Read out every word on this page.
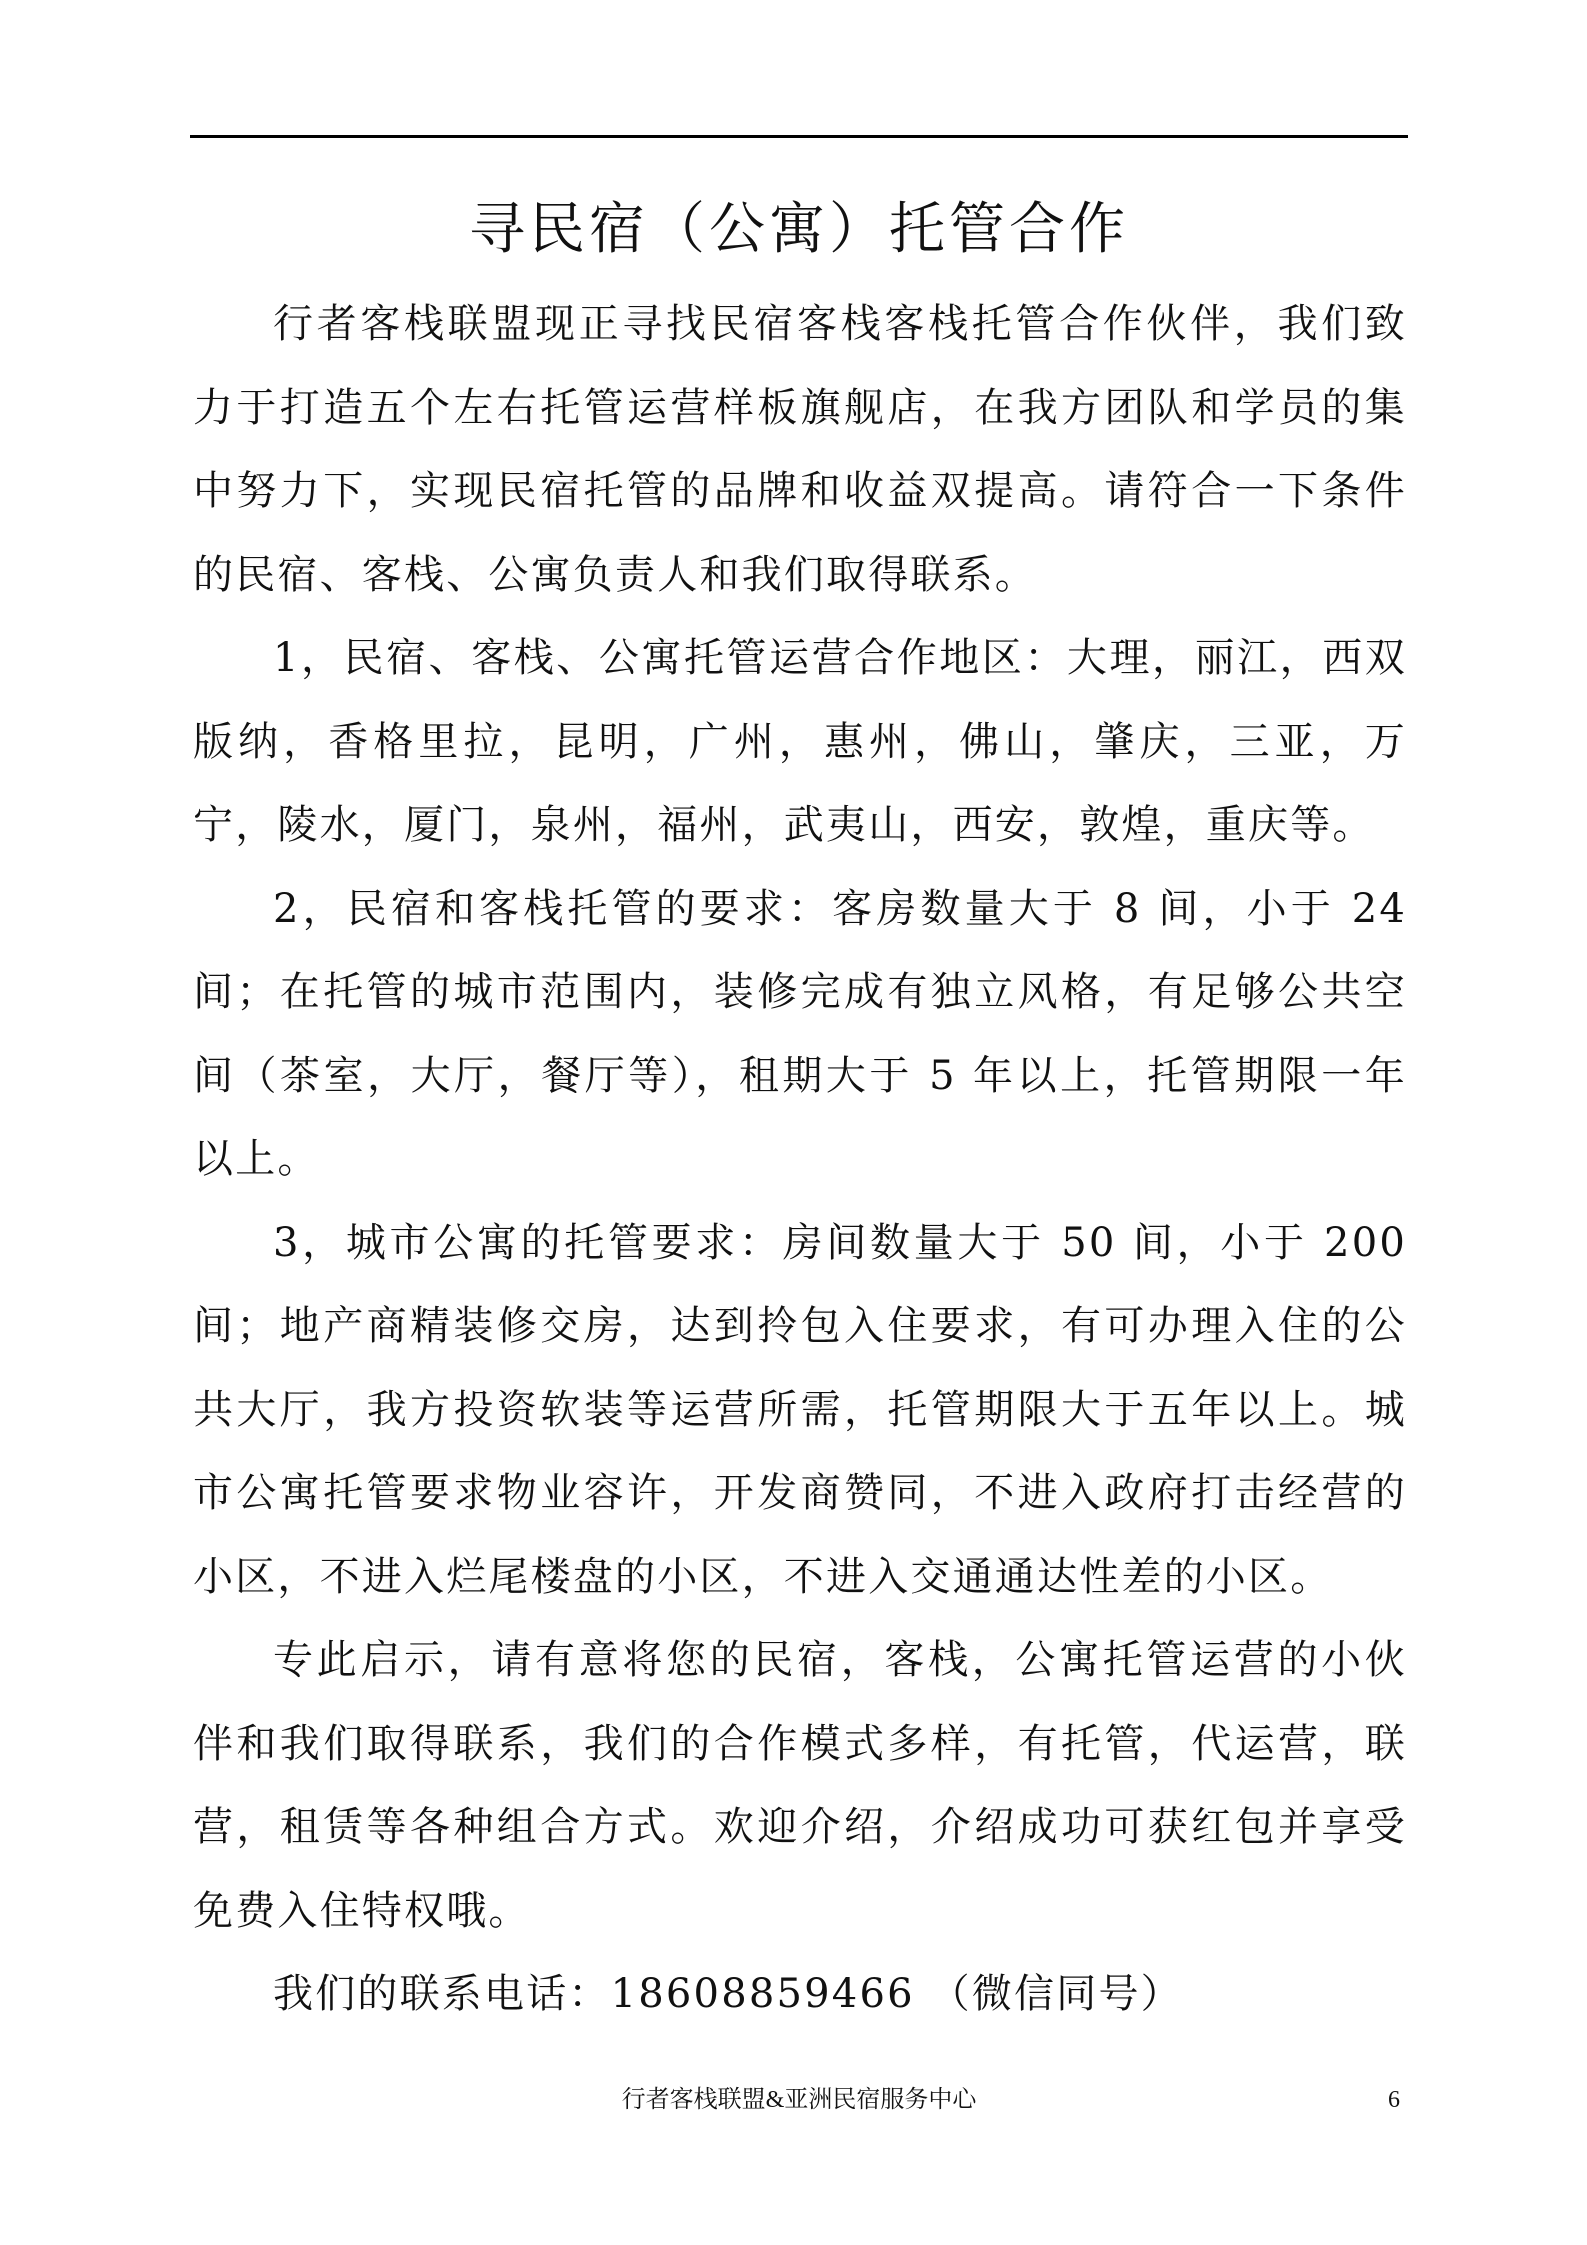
寻民宿（公寓）托管合作

行者客栈联盟现正寻找民宿客栈客栈托管合作伙伴，我们致力于打造五个左右托管运营样板旗舰店，在我方团队和学员的集中努力下，实现民宿托管的品牌和收益双提高。请符合一下条件的民宿、客栈、公寓负责人和我们取得联系。

1，民宿、客栈、公寓托管运营合作地区：大理，丽江，西双版纳，香格里拉，昆明，广州，惠州，佛山，肇庆，三亚，万宁，陵水，厦门，泉州，福州，武夷山，西安，敦煌，重庆等。

2，民宿和客栈托管的要求：客房数量大于 8 间，小于 24 间；在托管的城市范围内，装修完成有独立风格，有足够公共空间（茶室，大厅，餐厅等），租期大于 5 年以上，托管期限一年以上。

3，城市公寓的托管要求：房间数量大于 50 间，小于 200 间；地产商精装修交房，达到拎包入住要求，有可办理入住的公共大厅，我方投资软装等运营所需，托管期限大于五年以上。城市公寓托管要求物业容许，开发商赞同，不进入政府打击经营的小区，不进入烂尾楼盘的小区，不进入交通通达性差的小区。

专此启示，请有意将您的民宿，客栈，公寓托管运营的小伙伴和我们取得联系，我们的合作模式多样，有托管，代运营，联营，租赁等各种组合方式。欢迎介绍，介绍成功可获红包并享受免费入住特权哦。

我们的联系电话：18608859466 （微信同号）

行者客栈联盟&亚洲民宿服务中心	6
